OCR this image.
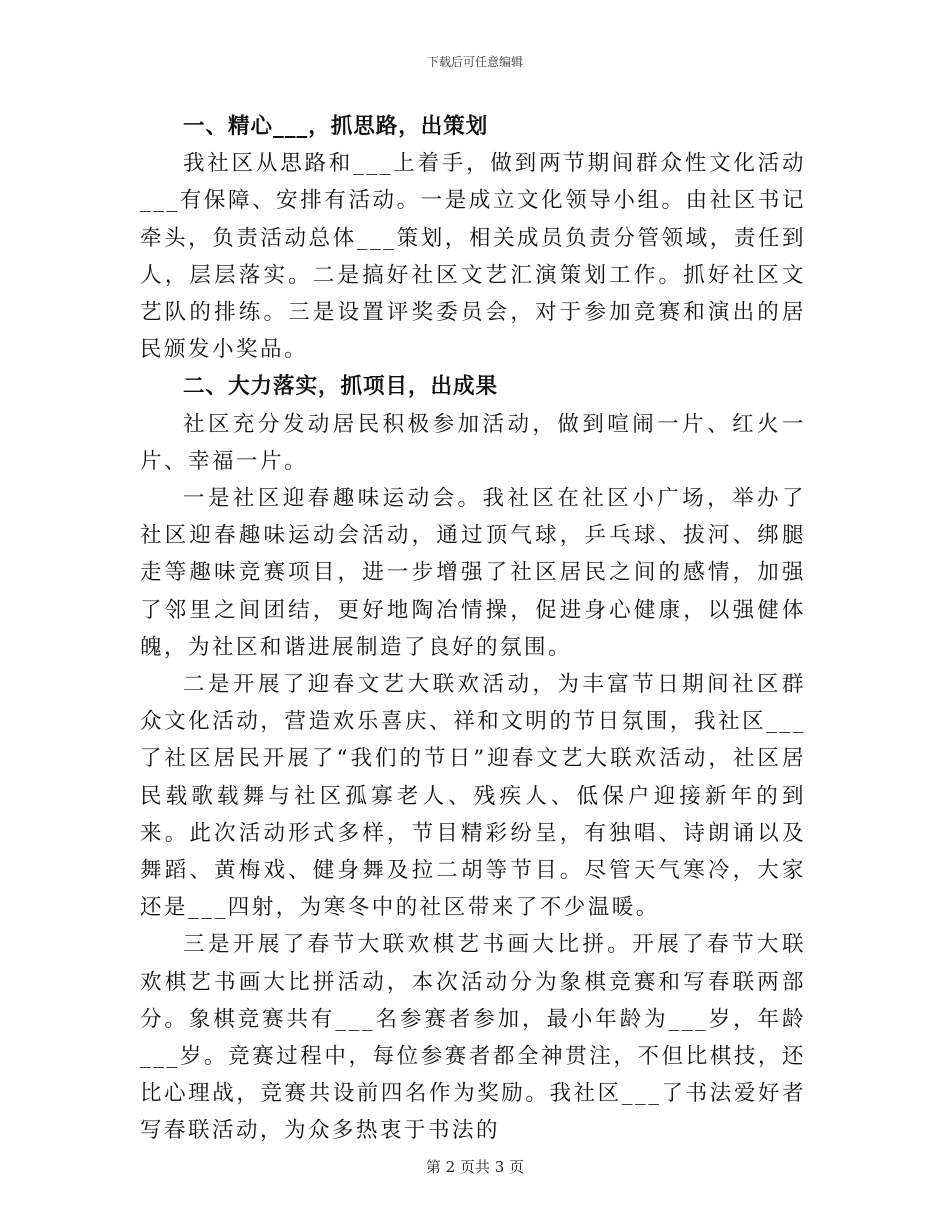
下载后可任意编辑
一、精心___，抓思路，出策划

我社区从思路和___上着手，做到两节期间群众性文化活动___有保障、安排有活动。一是成立文化领导小组。由社区书记牵头，负责活动总体___策划，相关成员负责分管领域，责任到人，层层落实。二是搞好社区文艺汇演策划工作。抓好社区文艺队的排练。三是设置评奖委员会，对于参加竞赛和演出的居民颁发小奖品。

二、大力落实，抓项目，出成果

社区充分发动居民积极参加活动，做到喧闹一片、红火一片、幸福一片。

一是社区迎春趣味运动会。我社区在社区小广场，举办了社区迎春趣味运动会活动，通过顶气球，乒乓球、拔河、绑腿走等趣味竞赛项目，进一步增强了社区居民之间的感情，加强了邻里之间团结，更好地陶冶情操，促进身心健康，以强健体魄，为社区和谐进展制造了良好的氛围。

二是开展了迎春文艺大联欢活动，为丰富节日期间社区群众文化活动，营造欢乐喜庆、祥和文明的节日氛围，我社区___了社区居民开展了“我们的节日”迎春文艺大联欢活动，社区居民载歌载舞与社区孤寡老人、残疾人、低保户迎接新年的到来。此次活动形式多样，节目精彩纷呈，有独唱、诗朗诵以及舞蹈、黄梅戏、健身舞及拉二胡等节目。尽管天气寒冷，大家还是___四射，为寒冬中的社区带来了不少温暖。

三是开展了春节大联欢棋艺书画大比拼。开展了春节大联欢棋艺书画大比拼活动，本次活动分为象棋竞赛和写春联两部分。象棋竞赛共有___名参赛者参加，最小年龄为___岁，年龄___岁。竞赛过程中，每位参赛者都全神贯注，不但比棋技，还比心理战，竞赛共设前四名作为奖励。我社区___了书法爱好者写春联活动，为众多热衷于书法的

第 2 页共 3 页
